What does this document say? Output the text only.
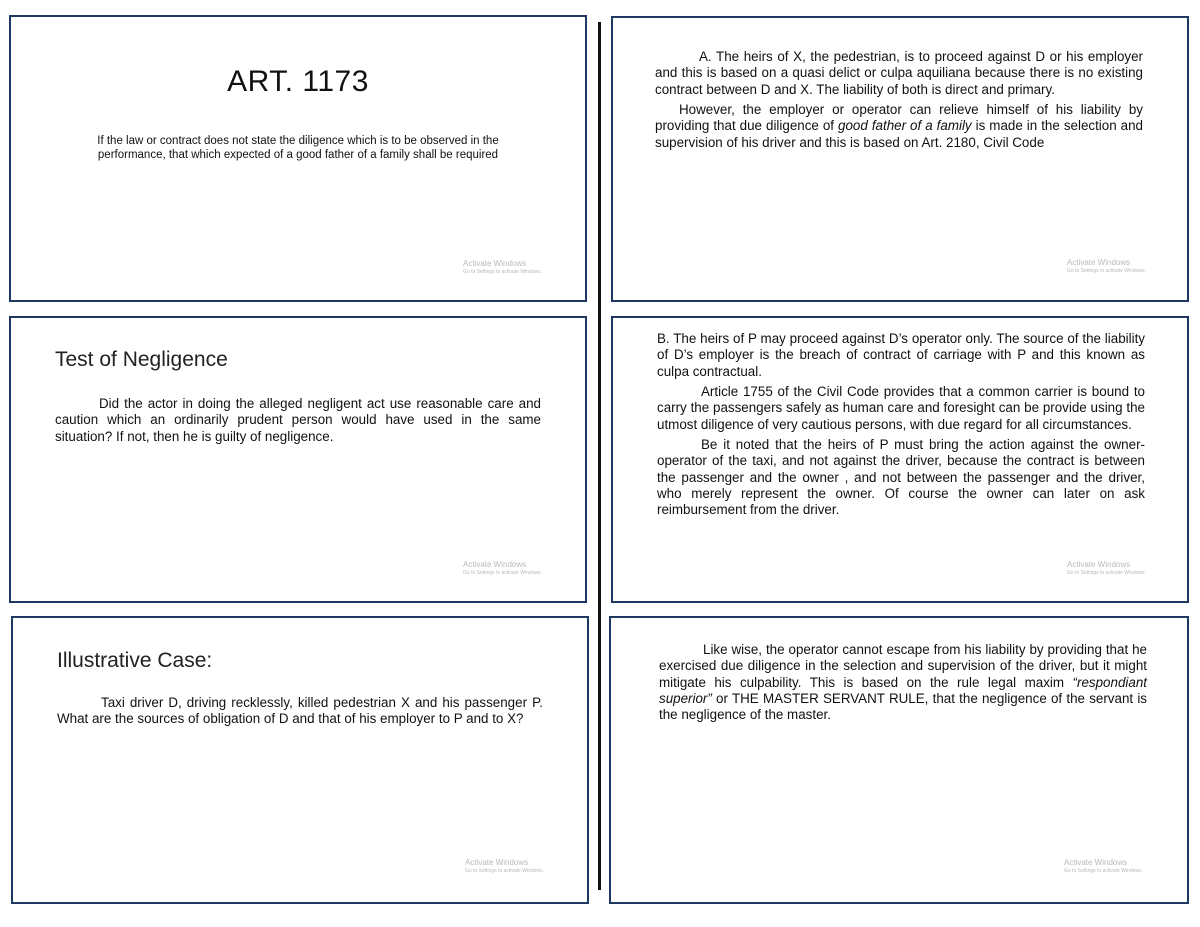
ART. 1173
If the law or contract does not state the diligence which is to be observed in the performance, that which expected of a good father of a family shall be required
Activate Windows
Go to Settings to activate Windows.

A. The heirs of X, the pedestrian, is to proceed against D or his employer and this is based on a quasi delict or culpa aquiliana because there is no existing contract between D and X. The liability of both is direct and primary.

However, the employer or operator can relieve himself of his liability by providing that due diligence of good father of a family is made in the selection and supervision of his driver and this is based on Art. 2180, Civil Code

Activate Windows
Go to Settings to activate Windows.
Test of Negligence
Did the actor in doing the alleged negligent act use reasonable care and caution which an ordinarily prudent person would have used in the same situation? If not, then he is guilty of negligence.
Activate Windows
Go to Settings to activate Windows.

B. The heirs of P may proceed against D’s operator only. The source of the liability of D’s employer is the breach of contract of carriage with P and this known as culpa contractual.

Article 1755 of the Civil Code provides that a common carrier is bound to carry the passengers safely as human care and foresight can be provide using the utmost diligence of very cautious persons, with due regard for all circumstances.

Be it noted that the heirs of P must bring the action against the owner-operator of the taxi, and not against the driver, because the contract is between the passenger and the owner , and not between the passenger and the driver, who merely represent the owner. Of course the owner can later on ask reimbursement from the driver.

Activate Windows
Go to Settings to activate Windows.
Illustrative Case:
Taxi driver D, driving recklessly, killed pedestrian X and his passenger P. What are the sources of obligation of D and that of his employer to P and to X?
Activate Windows
Go to Settings to activate Windows.

Like wise, the operator cannot escape from his liability by providing that he exercised due diligence in the selection and supervision of the driver, but it might mitigate his culpability. This is based on the rule legal maxim “respondiant superior” or THE MASTER SERVANT RULE, that the negligence of the servant is the negligence of the master.

Activate Windows
Go to Settings to activate Windows.
